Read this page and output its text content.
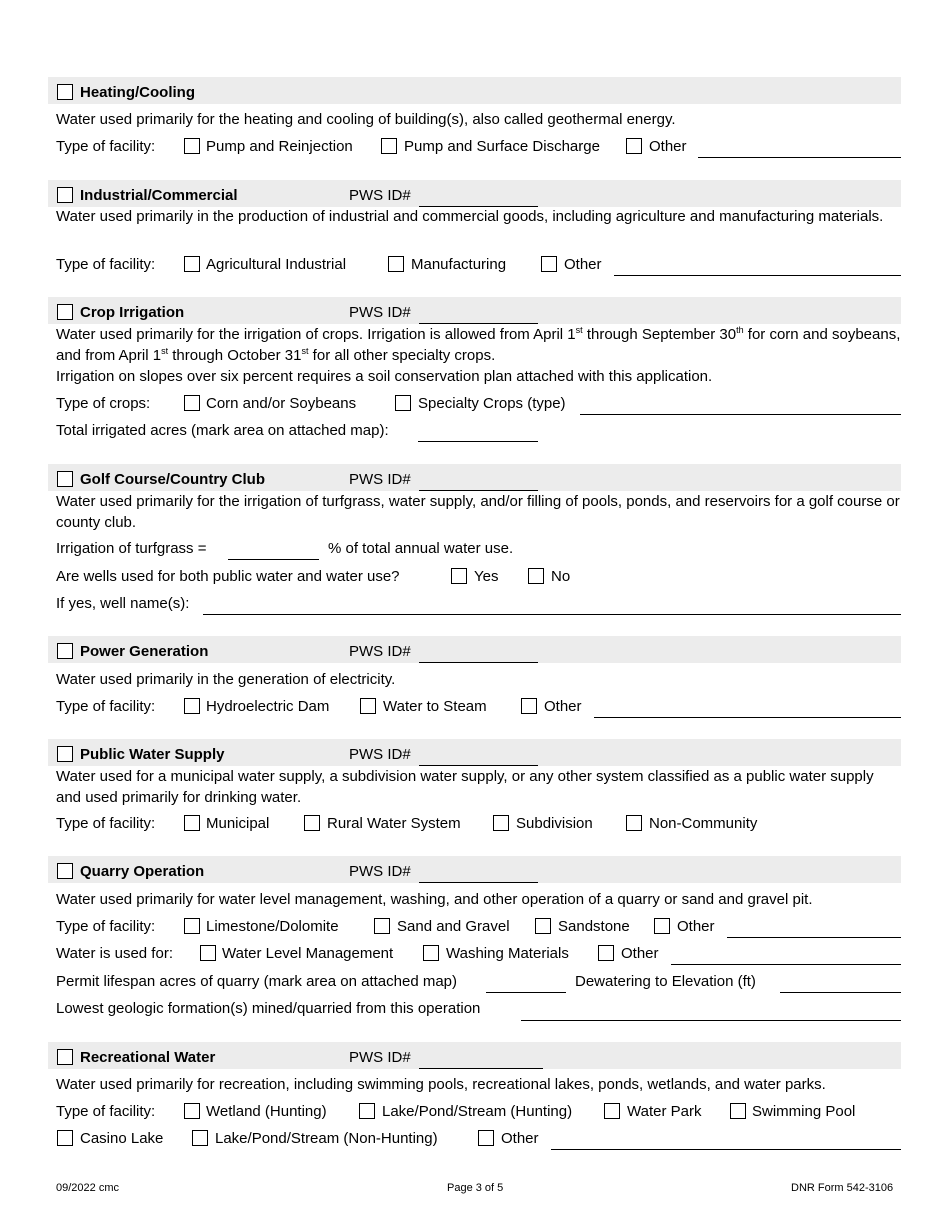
Heating/Cooling
Water used primarily for the heating and cooling of building(s), also called geothermal energy.
Type of facility:	Pump and Reinjection	Pump and Surface Discharge	Other
Industrial/Commercial	PWS ID#
Water used primarily in the production of industrial and commercial goods, including agriculture and manufacturing materials.
Type of facility:	Agricultural Industrial	Manufacturing	Other
Crop Irrigation	PWS ID#
Water used primarily for the irrigation of crops. Irrigation is allowed from April 1st through September 30th for corn and soybeans, and from April 1st through October 31st for all other specialty crops.
Irrigation on slopes over six percent requires a soil conservation plan attached with this application.
Type of crops:	Corn and/or Soybeans	Specialty Crops (type)
Total irrigated acres (mark area on attached map):
Golf Course/Country Club	PWS ID#
Water used primarily for the irrigation of turfgrass, water supply, and/or filling of pools, ponds, and reservoirs for a golf course or county club.
Irrigation of turfgrass =	% of total annual water use.
Are wells used for both public water and water use?	Yes	No
If yes, well name(s):
Power Generation	PWS ID#
Water used primarily in the generation of electricity.
Type of facility:	Hydroelectric Dam	Water to Steam	Other
Public Water Supply	PWS ID#
Water used for a municipal water supply, a subdivision water supply, or any other system classified as a public water supply and used primarily for drinking water.
Type of facility:	Municipal	Rural Water System	Subdivision	Non-Community
Quarry Operation	PWS ID#
Water used primarily for water level management, washing, and other operation of a quarry or sand and gravel pit.
Type of facility:	Limestone/Dolomite	Sand and Gravel	Sandstone	Other
Water is used for:	Water Level Management	Washing Materials	Other
Permit lifespan acres of quarry (mark area on attached map)	Dewatering to Elevation (ft)
Lowest geologic formation(s) mined/quarried from this operation
Recreational Water	PWS ID#
Water used primarily for recreation, including swimming pools, recreational lakes, ponds, wetlands, and water parks.
Type of facility:	Wetland (Hunting)	Lake/Pond/Stream (Hunting)	Water Park	Swimming Pool
Casino Lake	Lake/Pond/Stream (Non-Hunting)	Other
09/2022 cmc	Page 3 of 5	DNR Form 542-3106
